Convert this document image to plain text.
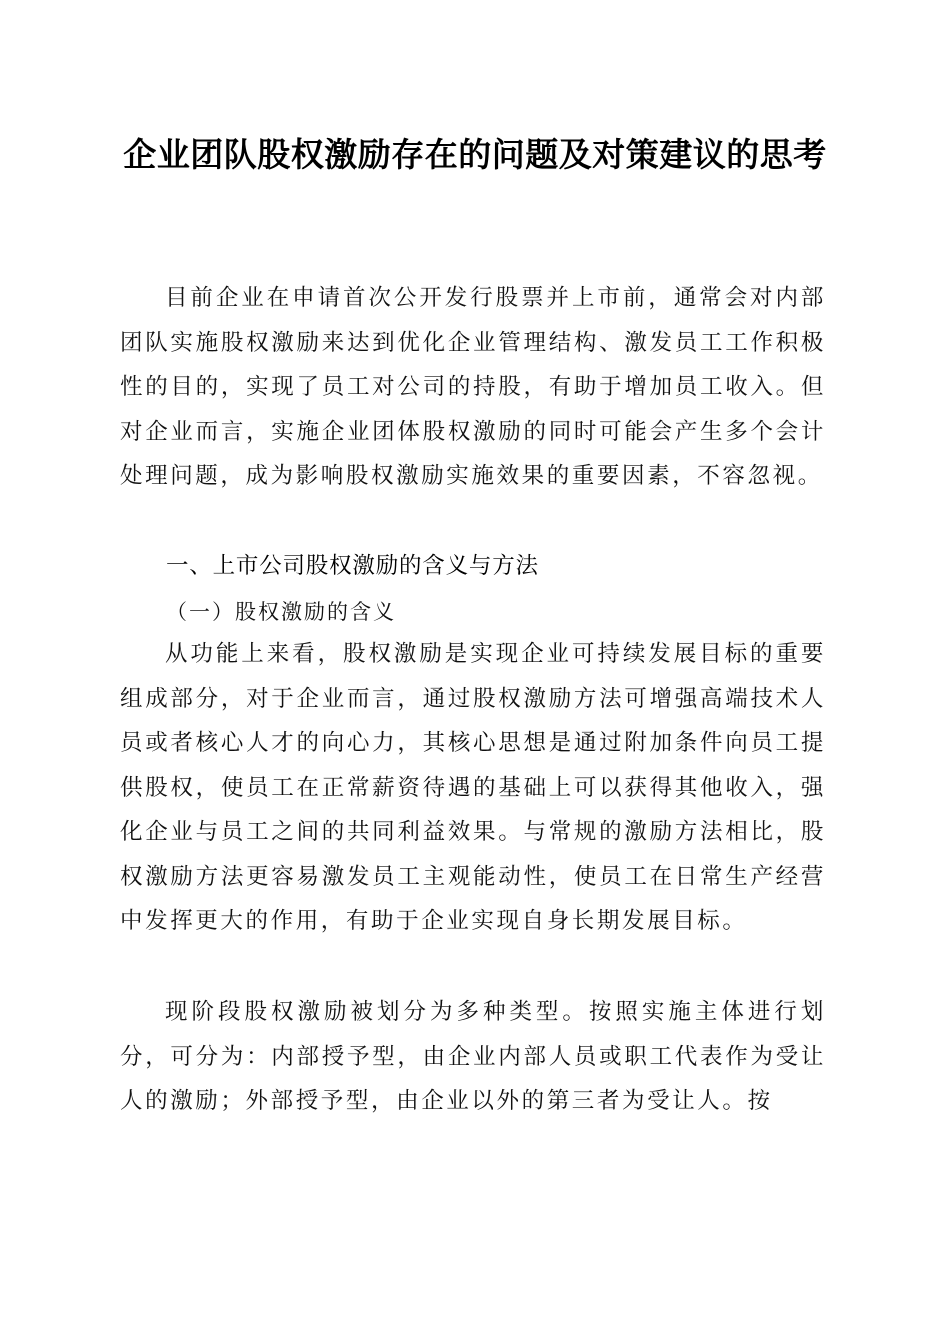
企业团队股权激励存在的问题及对策建议的思考
目前企业在申请首次公开发行股票并上市前，通常会对内部团队实施股权激励来达到优化企业管理结构、激发员工工作积极性的目的，实现了员工对公司的持股，有助于增加员工收入。但对企业而言，实施企业团体股权激励的同时可能会产生多个会计处理问题，成为影响股权激励实施效果的重要因素，不容忽视。
一、上市公司股权激励的含义与方法
（一）股权激励的含义
从功能上来看，股权激励是实现企业可持续发展目标的重要组成部分，对于企业而言，通过股权激励方法可增强高端技术人员或者核心人才的向心力，其核心思想是通过附加条件向员工提供股权，使员工在正常薪资待遇的基础上可以获得其他收入，强化企业与员工之间的共同利益效果。与常规的激励方法相比，股权激励方法更容易激发员工主观能动性，使员工在日常生产经营中发挥更大的作用，有助于企业实现自身长期发展目标。
现阶段股权激励被划分为多种类型。按照实施主体进行划分，可分为：内部授予型，由企业内部人员或职工代表作为受让人的激励；外部授予型，由企业以外的第三者为受让人。按
